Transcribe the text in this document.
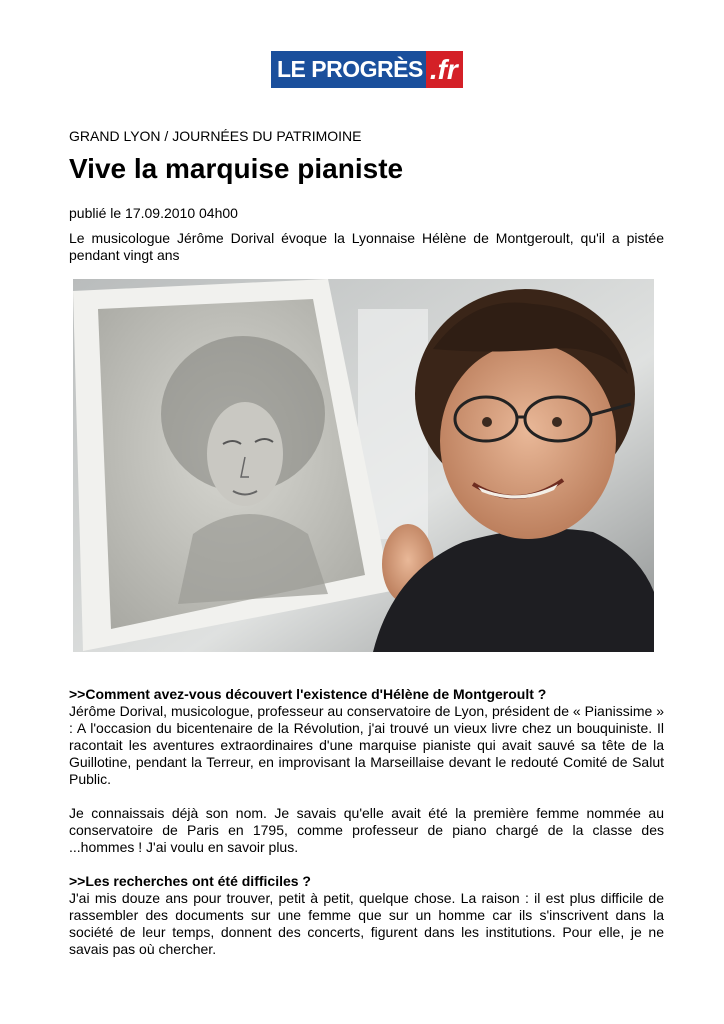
LE PROGRÈS .fr
GRAND LYON / JOURNÉES DU PATRIMOINE
Vive la marquise pianiste
publié le 17.09.2010 04h00
Le musicologue Jérôme Dorival évoque la Lyonnaise Hélène de Montgeroult, qu'il a pistée pendant vingt ans

>>Comment avez-vous découvert l'existence d'Hélène de Montgeroult ?

Jérôme Dorival, musicologue, professeur au conservatoire de Lyon, président de « Pianissime » : A l'occasion du bicentenaire de la Révolution, j'ai trouvé un vieux livre chez un bouquiniste. Il racontait les aventures extraordinaires d'une marquise pianiste qui avait sauvé sa tête de la Guillotine, pendant la Terreur, en improvisant la Marseillaise devant le redouté Comité de Salut Public.

Je connaissais déjà son nom. Je savais qu'elle avait été la première femme nommée au conservatoire de Paris en 1795, comme professeur de piano chargé de la classe des ...hommes ! J'ai voulu en savoir plus.

>>Les recherches ont été difficiles ?

J'ai mis douze ans pour trouver, petit à petit, quelque chose. La raison : il est plus difficile de rassembler des documents sur une femme que sur un homme car ils s'inscrivent dans la société de leur temps, donnent des concerts, figurent dans les institutions. Pour elle, je ne savais pas où chercher.
